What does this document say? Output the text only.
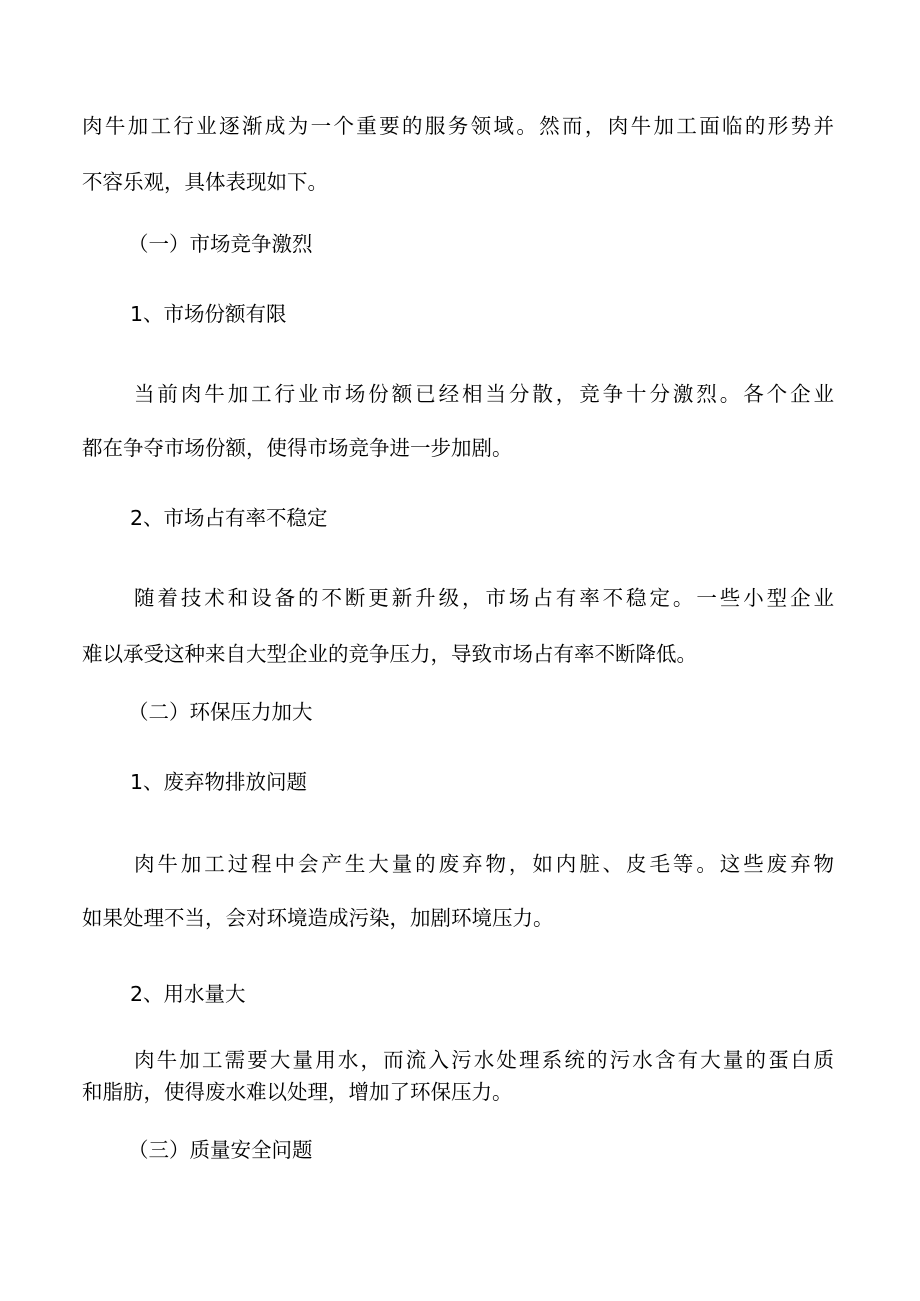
肉牛加工行业逐渐成为一个重要的服务领域。然而，肉牛加工面临的形势并

不容乐观，具体表现如下。

（一）市场竞争激烈

1、市场份额有限

当前肉牛加工行业市场份额已经相当分散，竞争十分激烈。各个企业

都在争夺市场份额，使得市场竞争进一步加剧。

2、市场占有率不稳定

随着技术和设备的不断更新升级，市场占有率不稳定。一些小型企业

难以承受这种来自大型企业的竞争压力，导致市场占有率不断降低。

（二）环保压力加大

1、废弃物排放问题

肉牛加工过程中会产生大量的废弃物，如内脏、皮毛等。这些废弃物

如果处理不当，会对环境造成污染，加剧环境压力。

2、用水量大

肉牛加工需要大量用水，而流入污水处理系统的污水含有大量的蛋白质

和脂肪，使得废水难以处理，增加了环保压力。

（三）质量安全问题
